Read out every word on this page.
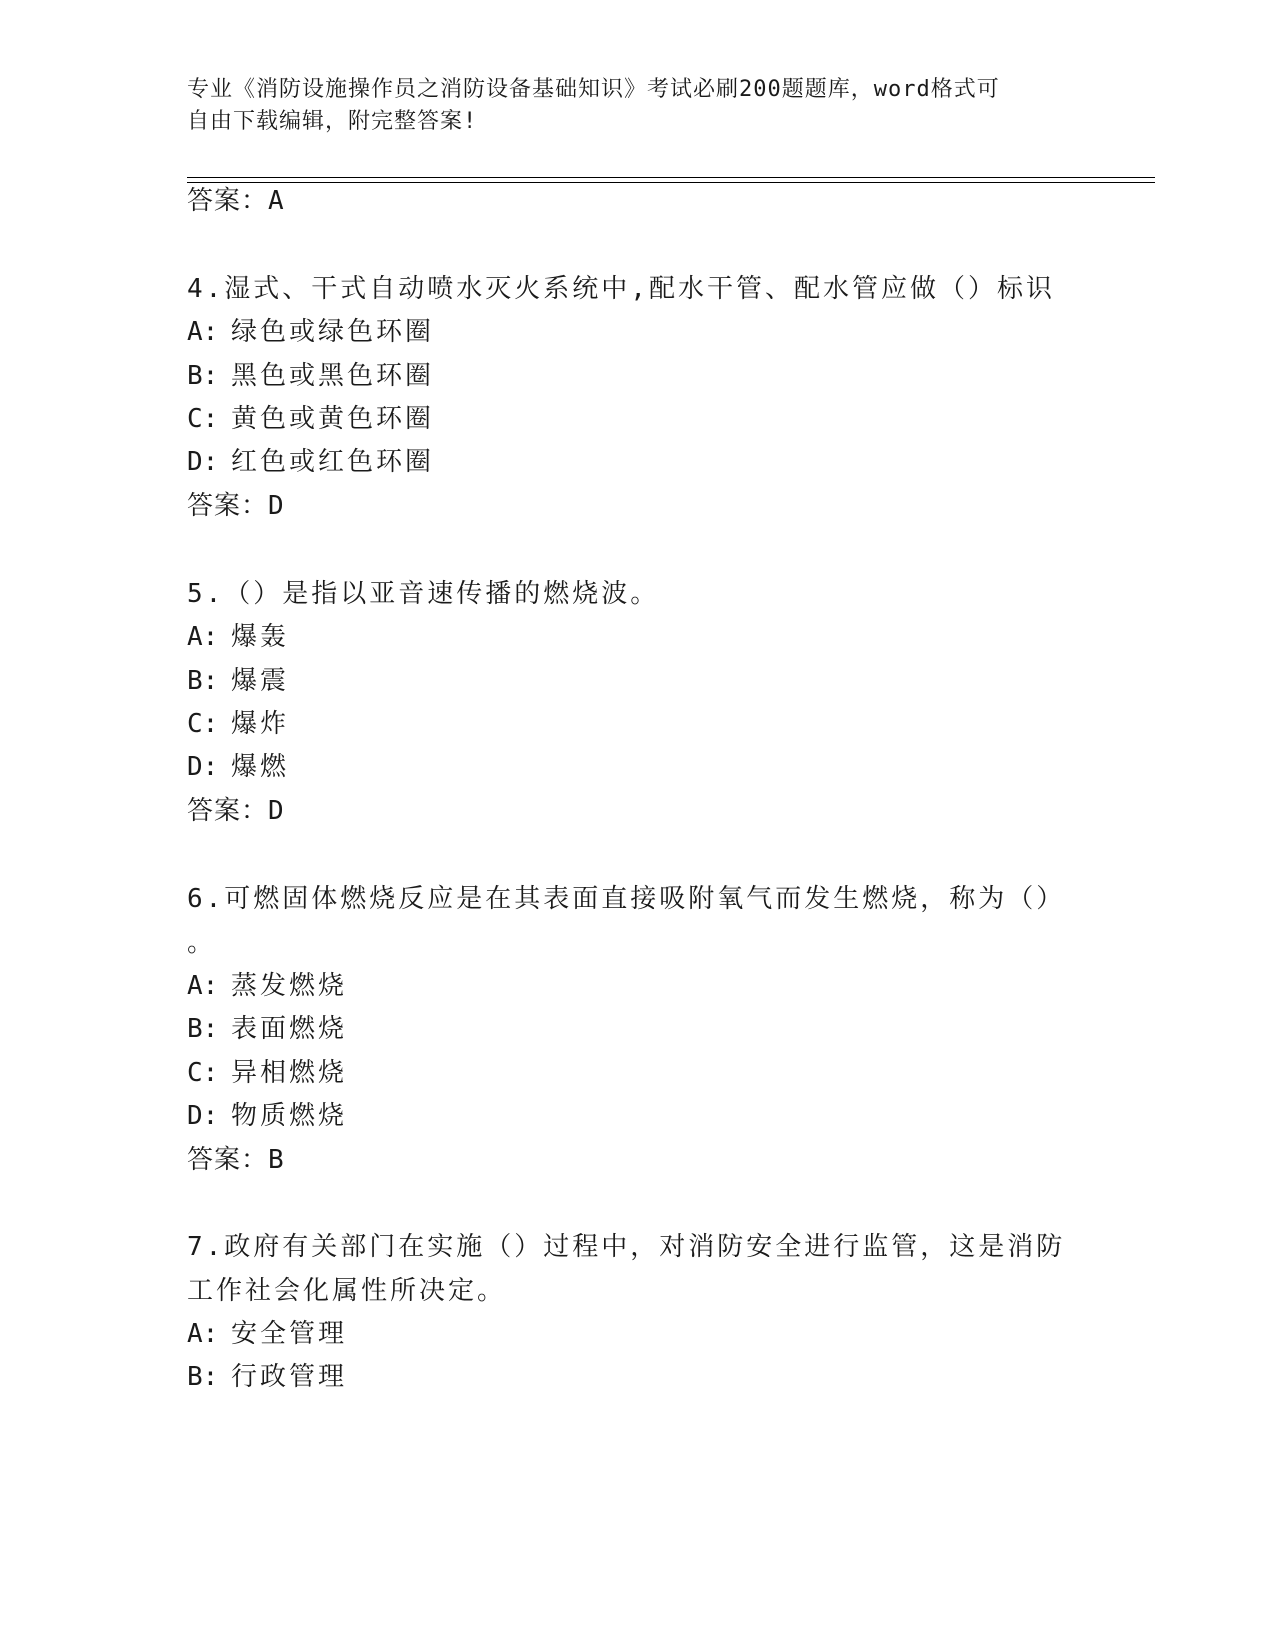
专业《消防设施操作员之消防设备基础知识》考试必刷200题题库，word格式可
自由下载编辑，附完整答案!
答案：A
4.湿式、干式自动喷水灭火系统中,配水干管、配水管应做（）标识
A: 绿色或绿色环圈
B: 黑色或黑色环圈
C: 黄色或黄色环圈
D: 红色或红色环圈
答案：D
5.（）是指以亚音速传播的燃烧波。
A: 爆轰
B: 爆震
C: 爆炸
D: 爆燃
答案：D
6.可燃固体燃烧反应是在其表面直接吸附氧气而发生燃烧，称为（）
。
A: 蒸发燃烧
B: 表面燃烧
C: 异相燃烧
D: 物质燃烧
答案：B
7.政府有关部门在实施（）过程中，对消防安全进行监管，这是消防
工作社会化属性所决定。
A: 安全管理
B: 行政管理
